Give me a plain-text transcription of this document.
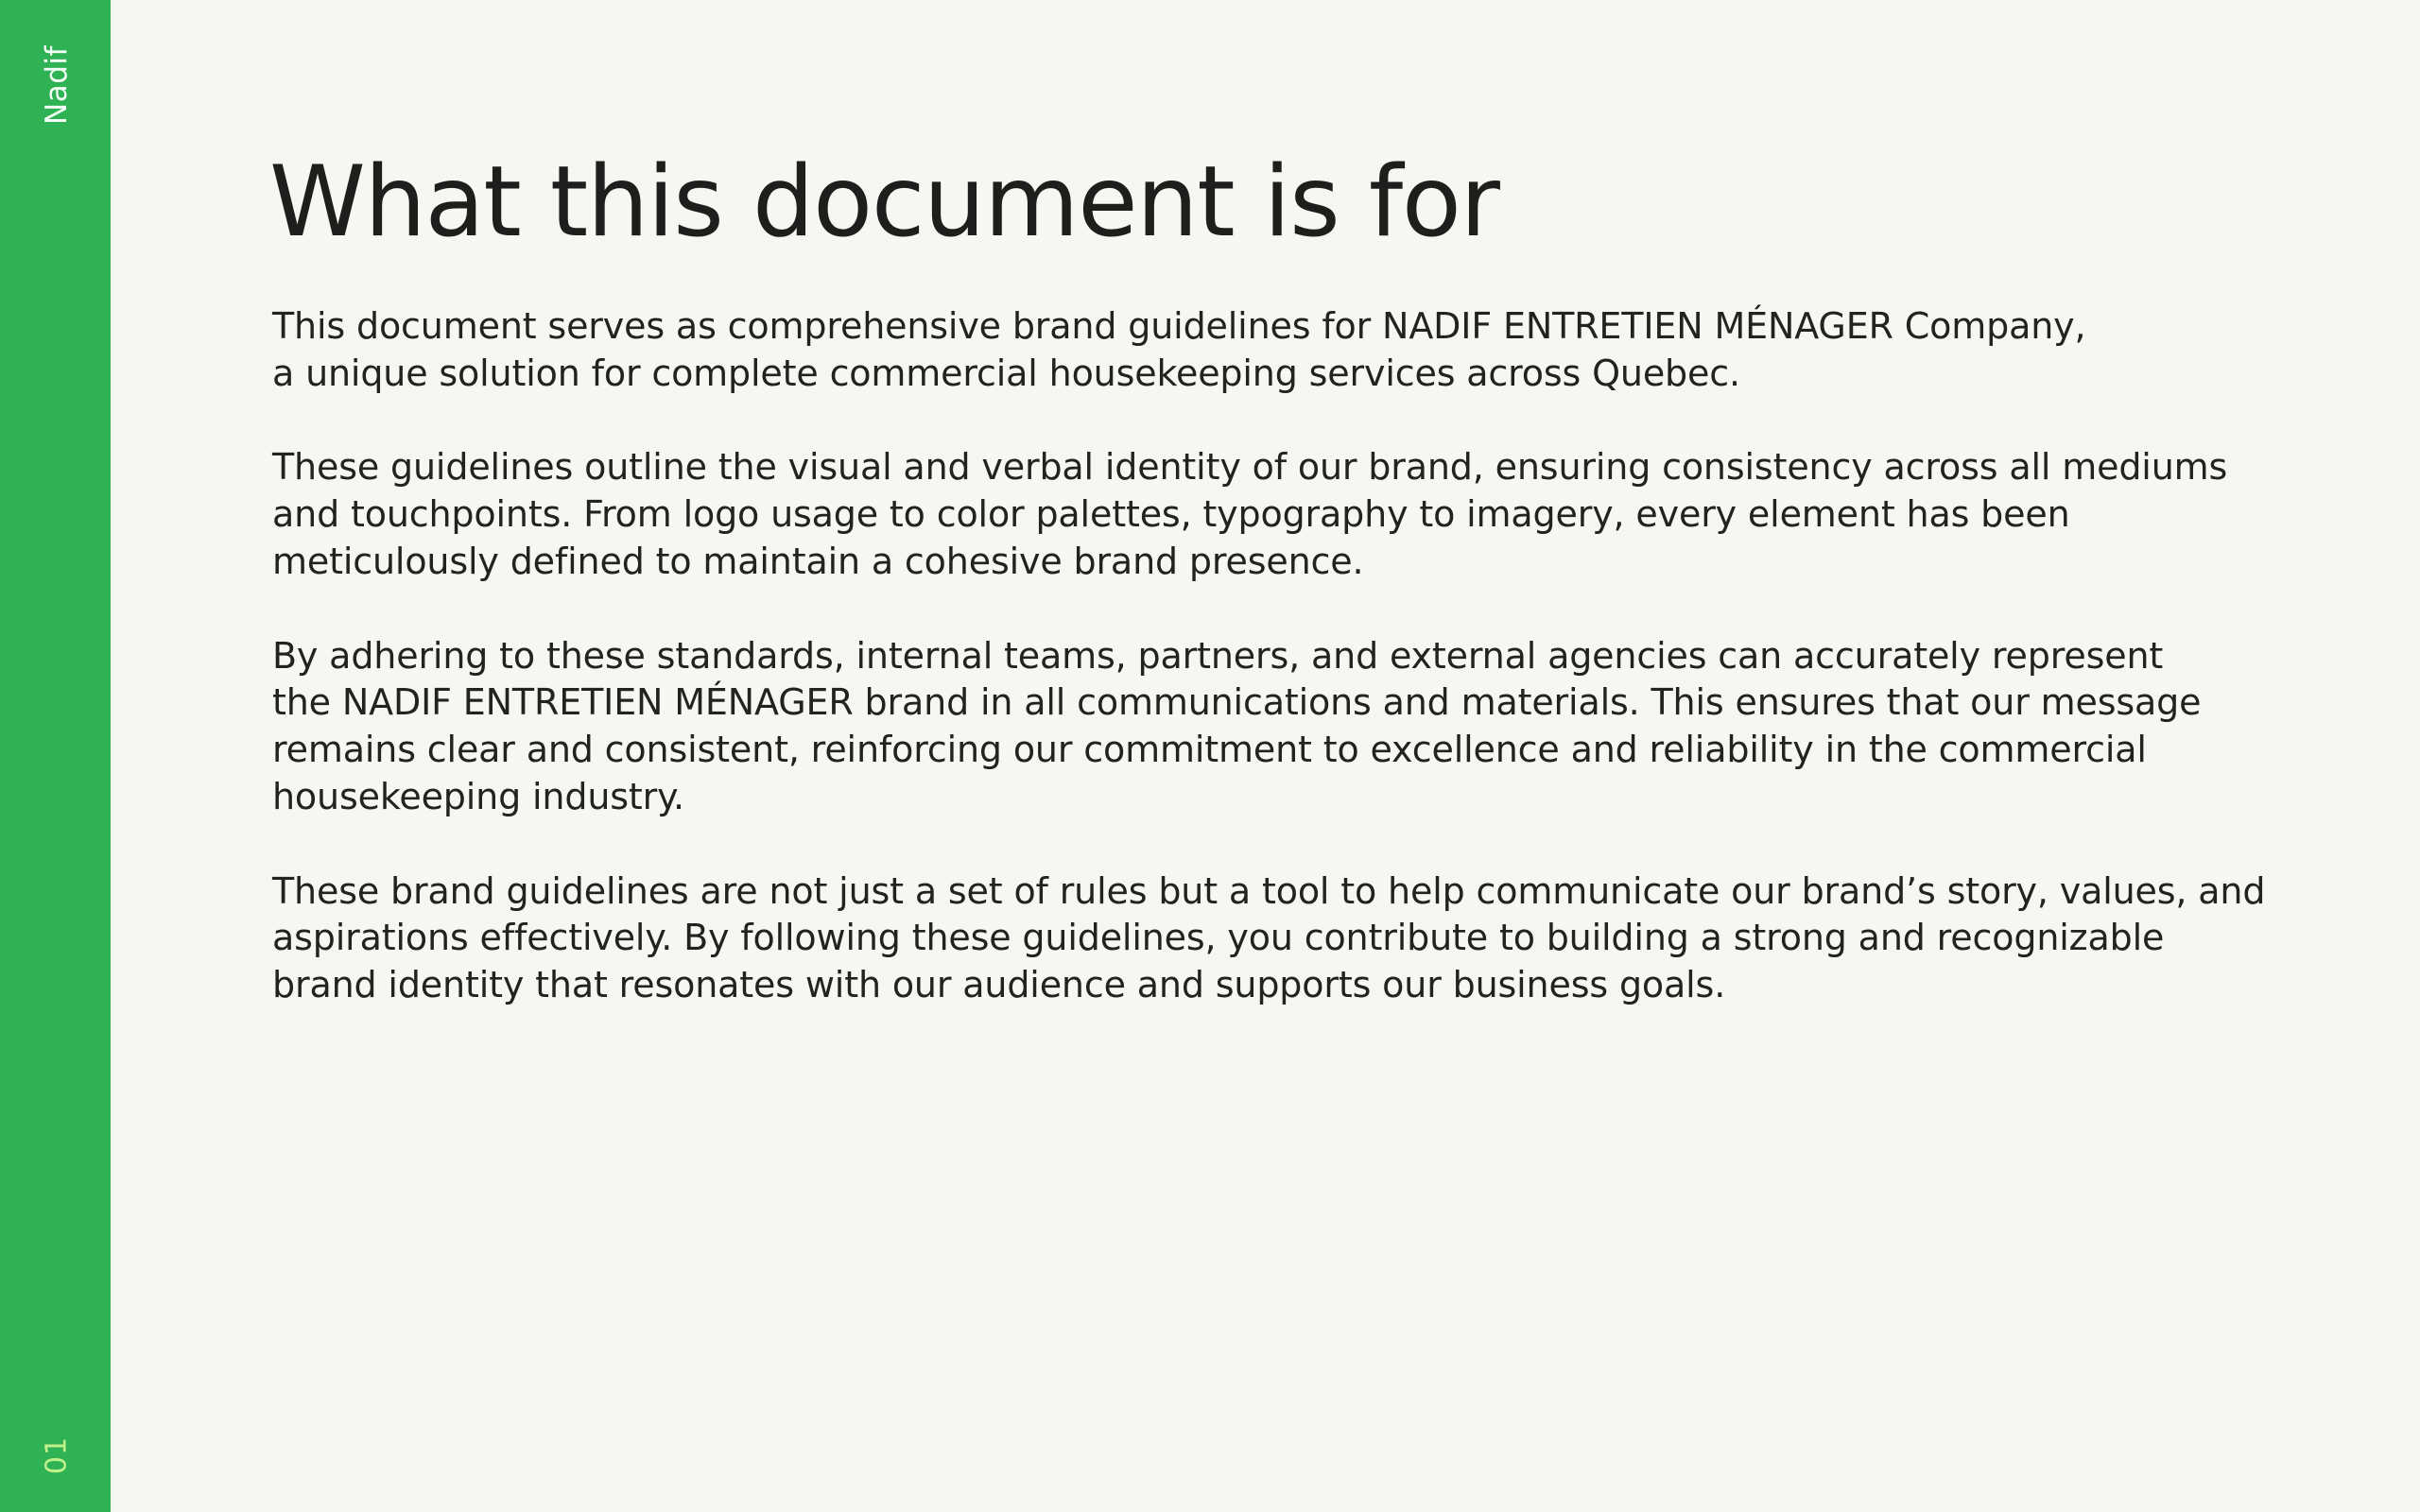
Nadif
01
What this document is for

This document serves as comprehensive brand guidelines for NADIF ENTRETIEN MÉNAGER Company,
a unique solution for complete commercial housekeeping services across Quebec.

These guidelines outline the visual and verbal identity of our brand, ensuring consistency across all mediums
and touchpoints. From logo usage to color palettes, typography to imagery, every element has been
meticulously defined to maintain a cohesive brand presence.

By adhering to these standards, internal teams, partners, and external agencies can accurately represent
the NADIF ENTRETIEN MÉNAGER brand in all communications and materials. This ensures that our message
remains clear and consistent, reinforcing our commitment to excellence and reliability in the commercial
housekeeping industry.

These brand guidelines are not just a set of rules but a tool to help communicate our brand’s story, values, and
aspirations effectively. By following these guidelines, you contribute to building a strong and recognizable
brand identity that resonates with our audience and supports our business goals.
